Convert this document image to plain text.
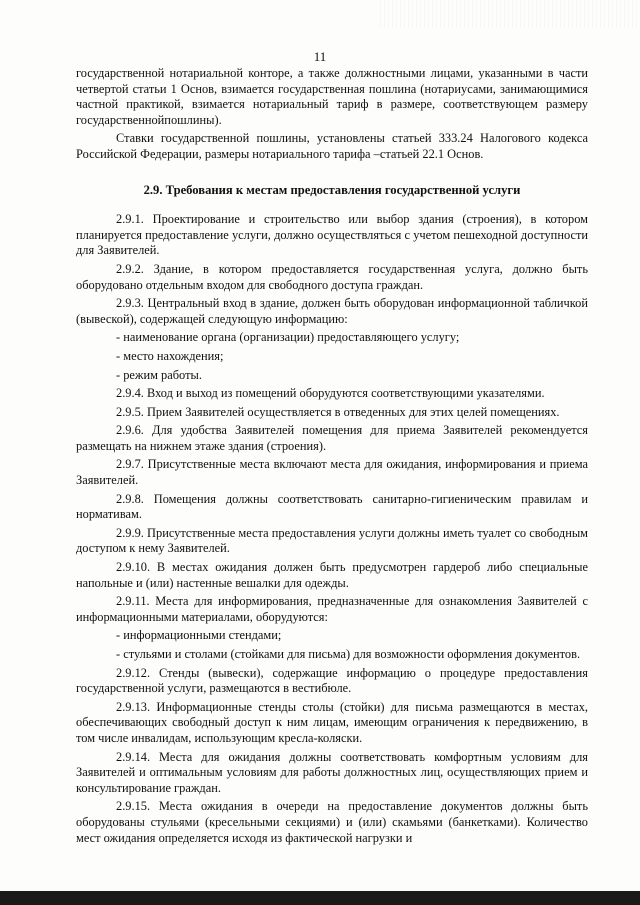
11

государственной нотариальной конторе, а также должностными лицами, указанными в части четвертой статьи 1 Основ, взимается государственная пошлина (нотариусами, занимающимися частной практикой, взимается нотариальный тариф в размере, соответствующем размеру государственнойпошлины).

Ставки государственной пошлины, установлены статьей 333.24 Налогового кодекса Российской Федерации, размеры нотариального тарифа –статьей 22.1 Основ.

2.9. Требования к местам предоставления государственной услуги

2.9.1. Проектирование и строительство или выбор здания (строения), в котором планируется предоставление услуги, должно осуществляться с учетом пешеходной доступности для Заявителей.

2.9.2. Здание, в котором предоставляется государственная услуга, должно быть оборудовано отдельным входом для свободного доступа граждан.

2.9.3. Центральный вход в здание, должен быть оборудован информационной табличкой (вывеской), содержащей следующую информацию:

- наименование органа (организации) предоставляющего услугу;

- место нахождения;

- режим работы.

2.9.4. Вход и выход из помещений оборудуются соответствующими указателями.

2.9.5. Прием Заявителей осуществляется в отведенных для этих целей помещениях.

2.9.6. Для удобства Заявителей помещения для приема Заявителей рекомендуется размещать на нижнем этаже здания (строения).

2.9.7. Присутственные места включают места для ожидания, информирования и приема Заявителей.

2.9.8. Помещения должны соответствовать санитарно-гигиеническим правилам и нормативам.

2.9.9. Присутственные места предоставления услуги должны иметь туалет со свободным доступом к нему Заявителей.

2.9.10. В местах ожидания должен быть предусмотрен гардероб либо специальные напольные и (или) настенные вешалки для одежды.

2.9.11. Места для информирования, предназначенные для ознакомления Заявителей с информационными материалами, оборудуются:

- информационными стендами;

- стульями и столами (стойками для письма) для возможности оформления документов.

2.9.12. Стенды (вывески), содержащие информацию о процедуре предоставления государственной услуги, размещаются в вестибюле.

2.9.13. Информационные стенды столы (стойки) для письма размещаются в местах, обеспечивающих свободный доступ к ним лицам, имеющим ограничения к передвижению, в том числе инвалидам, использующим кресла-коляски.

2.9.14. Места для ожидания должны соответствовать комфортным условиям для Заявителей и оптимальным условиям для работы должностных лиц, осуществляющих прием и консультирование граждан.

2.9.15. Места ожидания в очереди на предоставление документов должны быть оборудованы стульями (кресельными секциями) и (или) скамьями (банкетками). Количество мест ожидания определяется исходя из фактической нагрузки и
